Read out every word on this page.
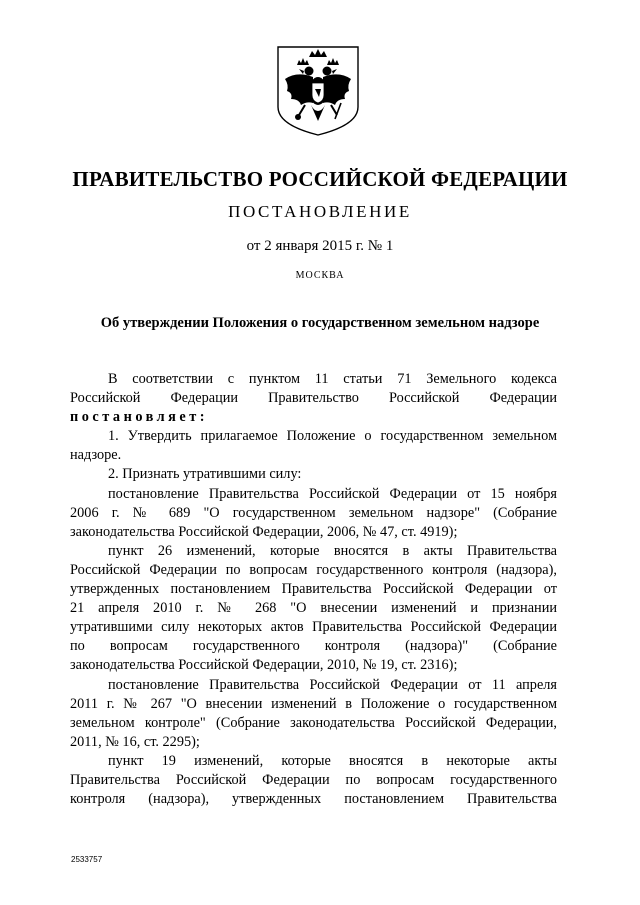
ПРАВИТЕЛЬСТВО РОССИЙСКОЙ ФЕДЕРАЦИИ
ПОСТАНОВЛЕНИЕ
от 2 января 2015 г. № 1
МОСКВА
Об утверждении Положения о государственном земельном надзоре
В соответствии с пунктом 11 статьи 71 Земельного кодекса
Российской Федерации Правительство Российской Федерации
постановляет:
1. Утвердить прилагаемое Положение о государственном земельном
надзоре.
2. Признать утратившими силу:
постановление Правительства Российской Федерации от 15 ноября
2006 г. № 689 "О государственном земельном надзоре" (Собрание
законодательства Российской Федерации, 2006, № 47, ст. 4919);
пункт 26 изменений, которые вносятся в акты Правительства
Российской Федерации по вопросам государственного контроля (надзора),
утвержденных постановлением Правительства Российской Федерации от
21 апреля 2010 г. № 268 "О внесении изменений и признании
утратившими силу некоторых актов Правительства Российской Федерации
по вопросам государственного контроля (надзора)" (Собрание
законодательства Российской Федерации, 2010, № 19, ст. 2316);
постановление Правительства Российской Федерации от 11 апреля
2011 г. № 267 "О внесении изменений в Положение о государственном
земельном контроле" (Собрание законодательства Российской Федерации,
2011, № 16, ст. 2295);
пункт 19 изменений, которые вносятся в некоторые акты
Правительства Российской Федерации по вопросам государственного
контроля (надзора), утвержденных постановлением Правительства
2533757
